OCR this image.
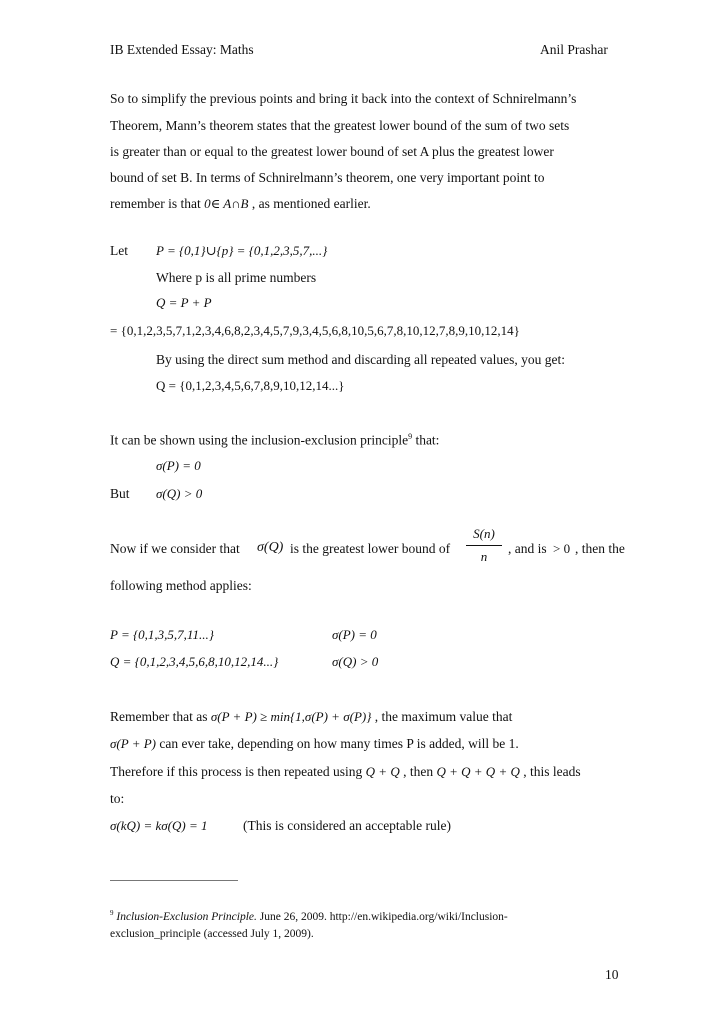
IB Extended Essay: Maths	Anil Prashar
So to simplify the previous points and bring it back into the context of Schnirelmann’s
Theorem, Mann’s theorem states that the greatest lower bound of the sum of two sets
is greater than or equal to the greatest lower bound of set A plus the greatest lower
bound of set B. In terms of Schnirelmann’s theorem, one very important point to
remember is that 0∈ A∩B , as mentioned earlier.
Let P = {0,1}∪{p} = {0,1,2,3,5,7,...}
Where p is all prime numbers
Q = P + P
= {0,1,2,3,5,7,1,2,3,4,6,8,2,3,4,5,7,9,3,4,5,6,8,10,5,6,7,8,10,12,7,8,9,10,12,14}
By using the direct sum method and discarding all repeated values, you get:
Q = {0,1,2,3,4,5,6,7,8,9,10,12,14...}
It can be shown using the inclusion-exclusion principle$^9$ that:
σ(P) = 0
But σ(Q) > 0
Now if we consider that σ(Q) is the greatest lower bound of
S(n)
n
, and is > 0 , then the
following method applies:
P = {0,1,3,5,7,11...}	σ(P) = 0
Q = {0,1,2,3,4,5,6,8,10,12,14...}	σ(Q) > 0
Remember that as σ(P + P) ≥ min{1,σ(P) + σ(P)} , the maximum value that
σ(P + P) can ever take, depending on how many times P is added, will be 1.
Therefore if this process is then repeated using Q + Q , then Q + Q + Q + Q , this leads
to:
σ(kQ) = kσ(Q) = 1	(This is considered an acceptable rule)
$^9$ Inclusion-Exclusion Principle. June 26, 2009. http://en.wikipedia.org/wiki/Inclusion-
exclusion_principle (accessed July 1, 2009).
10
